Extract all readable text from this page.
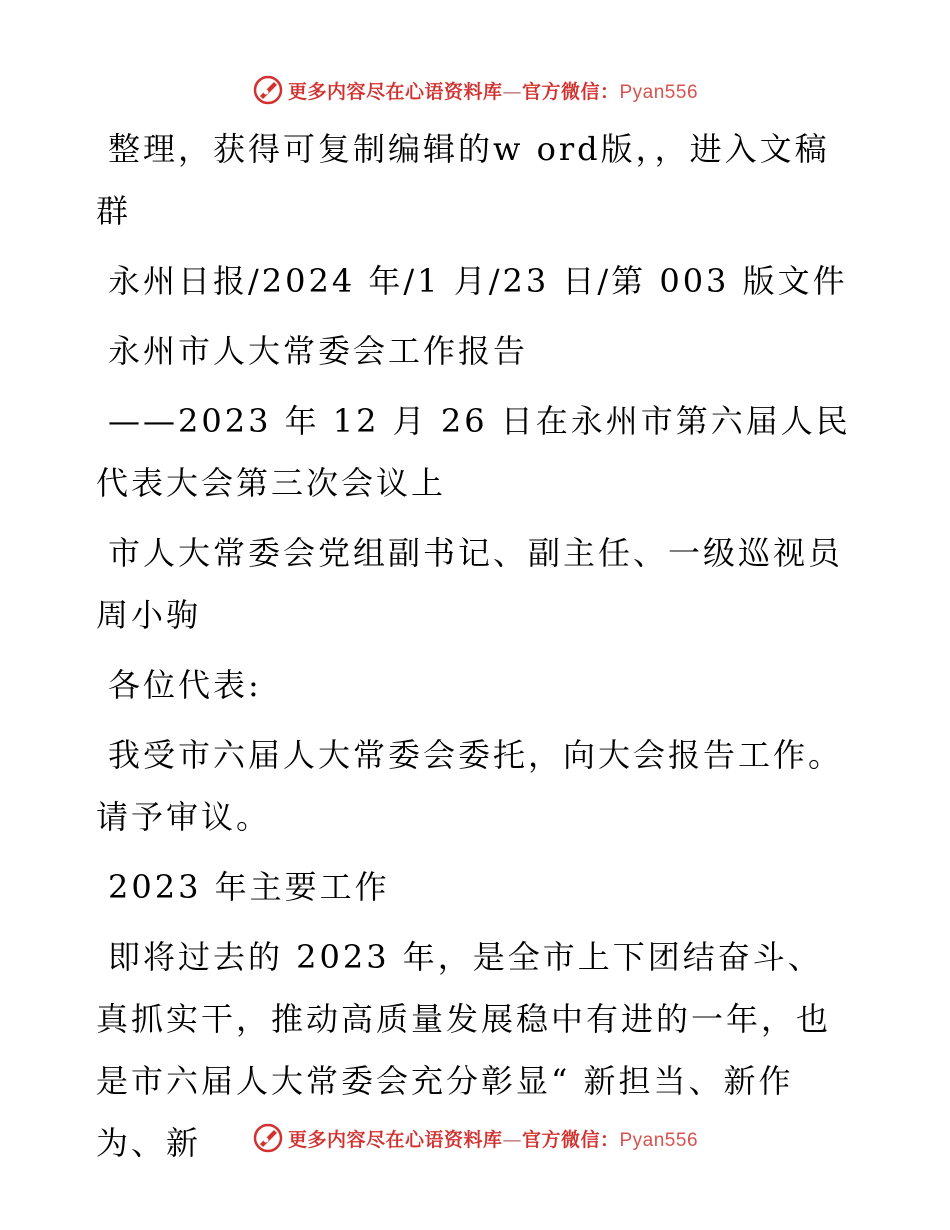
更多内容尽在心语资料库—官方微信：Pyan556

整理，获得可复制编辑的w ord版，，进入文稿群

永州日报/2024 年/1 月/23 日/第 003 版文件

永州市人大常委会工作报告

——2023 年 12 月 26 日在永州市第六届人民代表大会第三次会议上

市人大常委会党组副书记、副主任、一级巡视员周小驹

各位代表:

我受市六届人大常委会委托，向大会报告工作。请予审议。

2023 年主要工作

即将过去的 2023 年，是全市上下团结奋斗、真抓实干，推动高质量发展稳中有进的一年，也是市六届人大常委会充分彰显“ 新担当、新作为、新	更多内容尽在心语资料库—官方微信：Pyan556
